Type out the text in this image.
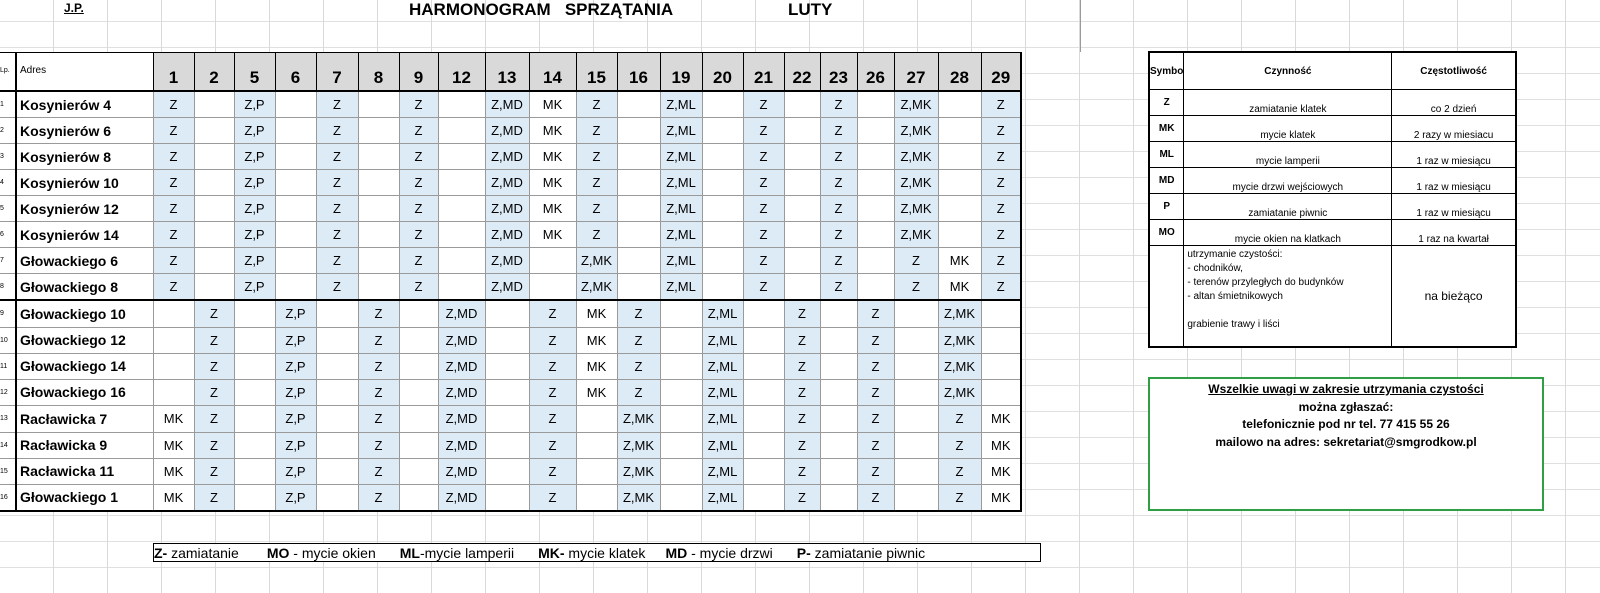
J.P.	HARMONOGRAM   SPRZĄTANIA	LUTY
Lp.	Adres	1	2	5	6	7	8	9	12	13	14	15	16	19	20	21	22	23	26	27	28	29
1	Kosynierów 4	Z		Z,P		Z		Z		Z,MD	MK	Z		Z,ML		Z		Z		Z,MK		Z
2	Kosynierów 6	Z		Z,P		Z		Z		Z,MD	MK	Z		Z,ML		Z		Z		Z,MK		Z
3	Kosynierów 8	Z		Z,P		Z		Z		Z,MD	MK	Z		Z,ML		Z		Z		Z,MK		Z
4	Kosynierów 10	Z		Z,P		Z		Z		Z,MD	MK	Z		Z,ML		Z		Z		Z,MK		Z
5	Kosynierów 12	Z		Z,P		Z		Z		Z,MD	MK	Z		Z,ML		Z		Z		Z,MK		Z
6	Kosynierów 14	Z		Z,P		Z		Z		Z,MD	MK	Z		Z,ML		Z		Z		Z,MK		Z
7	Głowackiego 6	Z		Z,P		Z		Z		Z,MD		Z,MK		Z,ML		Z		Z		Z	MK	Z
8	Głowackiego 8	Z		Z,P		Z		Z		Z,MD		Z,MK		Z,ML		Z		Z		Z	MK	Z
9	Głowackiego 10		Z		Z,P		Z		Z,MD		Z	MK	Z		Z,ML		Z		Z		Z,MK	
10	Głowackiego 12		Z		Z,P		Z		Z,MD		Z	MK	Z		Z,ML		Z		Z		Z,MK	
11	Głowackiego 14		Z		Z,P		Z		Z,MD		Z	MK	Z		Z,ML		Z		Z		Z,MK	
12	Głowackiego 16		Z		Z,P		Z		Z,MD		Z	MK	Z		Z,ML		Z		Z		Z,MK	
13	Racławicka 7	MK	Z		Z,P		Z		Z,MD		Z		Z,MK		Z,ML		Z		Z		Z	MK
14	Racławicka 9	MK	Z		Z,P		Z		Z,MD		Z		Z,MK		Z,ML		Z		Z		Z	MK
15	Racławicka 11	MK	Z		Z,P		Z		Z,MD		Z		Z,MK		Z,ML		Z		Z		Z	MK
16	Głowackiego 1	MK	Z		Z,P		Z		Z,MD		Z		Z,MK		Z,ML		Z		Z		Z	MK
Symbo	Czynność	Częstotliwość
Z	zamiatanie klatek	co 2 dzień
MK	mycie klatek	2 razy w miesiacu
ML	mycie lamperii	1 raz w miesiącu
MD	mycie drzwi wejściowych	1 raz w miesiącu
P	zamiatanie piwnic	1 raz w miesiącu
MO	mycie okien na klatkach	1 raz na kwartał

	utrzymanie czystości:
- chodników,
- terenów przyległych do budynków
- altan śmietnikowych

grabienie trawy i liści	na bieżąco
Wszelkie uwagi w zakresie utrzymania czystości
można zgłaszać:
telefonicznie pod nr tel. 77 415 55 26
mailowo na adres: sekretariat@smgrodkow.pl
Z- zamiatanie MO - mycie okien ML-mycie lamperii MK- mycie klatek MD - mycie drzwi P- zamiatanie piwnic
